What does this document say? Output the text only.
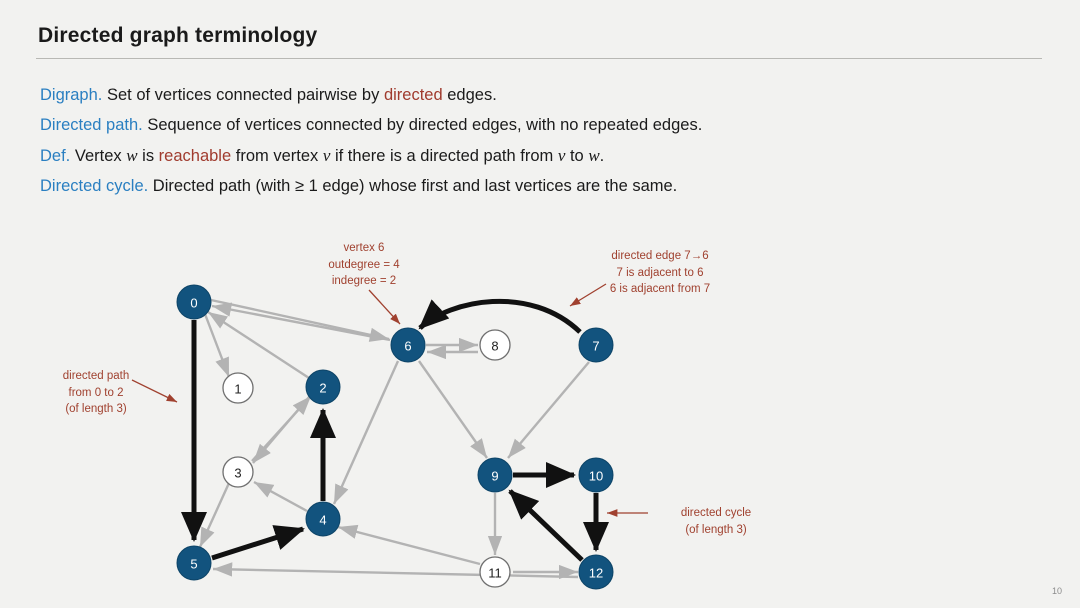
Directed graph terminology
Digraph. Set of vertices connected pairwise by directed edges.
Directed path. Sequence of vertices connected by directed edges, with no repeated edges.
Def. Vertex w is reachable from vertex v if there is a directed path from v to w.
Directed cycle. Directed path (with ≥ 1 edge) whose first and last vertices are the same.
0
1	2
3
4
5
6	7
8
9	10
11	12
vertex 6
outdegree = 4
indegree = 2
directed edge 7→6
7 is adjacent to 6
6 is adjacent from 7
directed path
from 0 to 2
(of length 3)
directed cycle
(of length 3)
10
